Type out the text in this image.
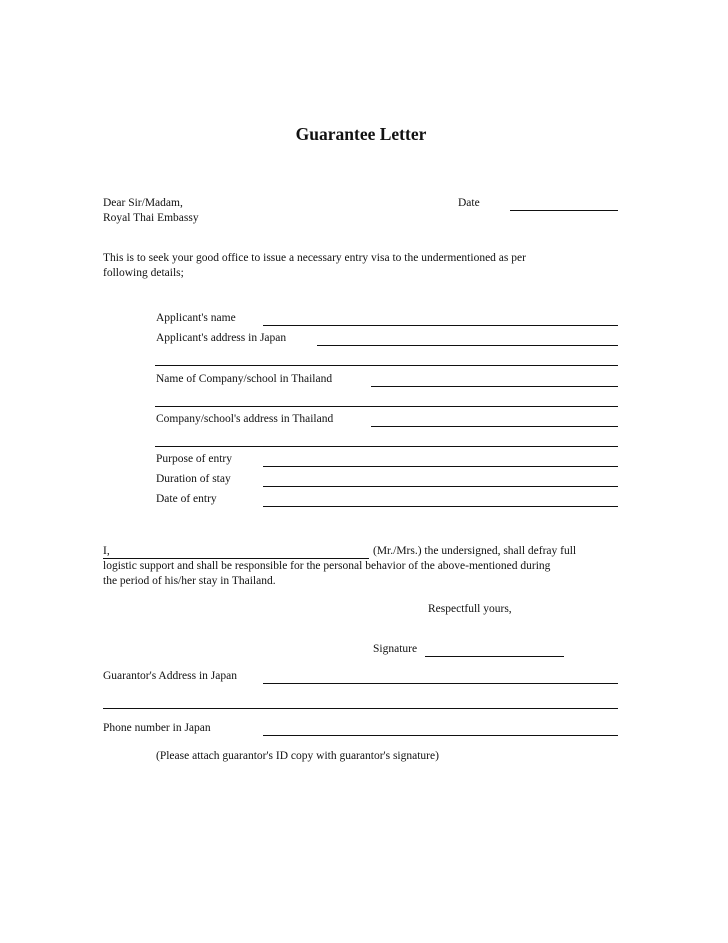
Guarantee Letter
Dear Sir/Madam,
Royal Thai Embassy
Date
This is to seek your good office to issue a necessary entry visa to the undermentioned as per
following details;
Applicant's name
Applicant's address in Japan
Name of Company/school in Thailand
Company/school's address in Thailand
Purpose of entry
Duration of stay
Date of entry
I,	(Mr./Mrs.) the undersigned, shall defray full
logistic support and shall be responsible for the personal behavior of the above-mentioned during
the period of his/her stay in Thailand.
Respectfull yours,
Signature
Guarantor's Address in Japan
Phone number in Japan
(Please attach guarantor's ID copy with guarantor's signature)
